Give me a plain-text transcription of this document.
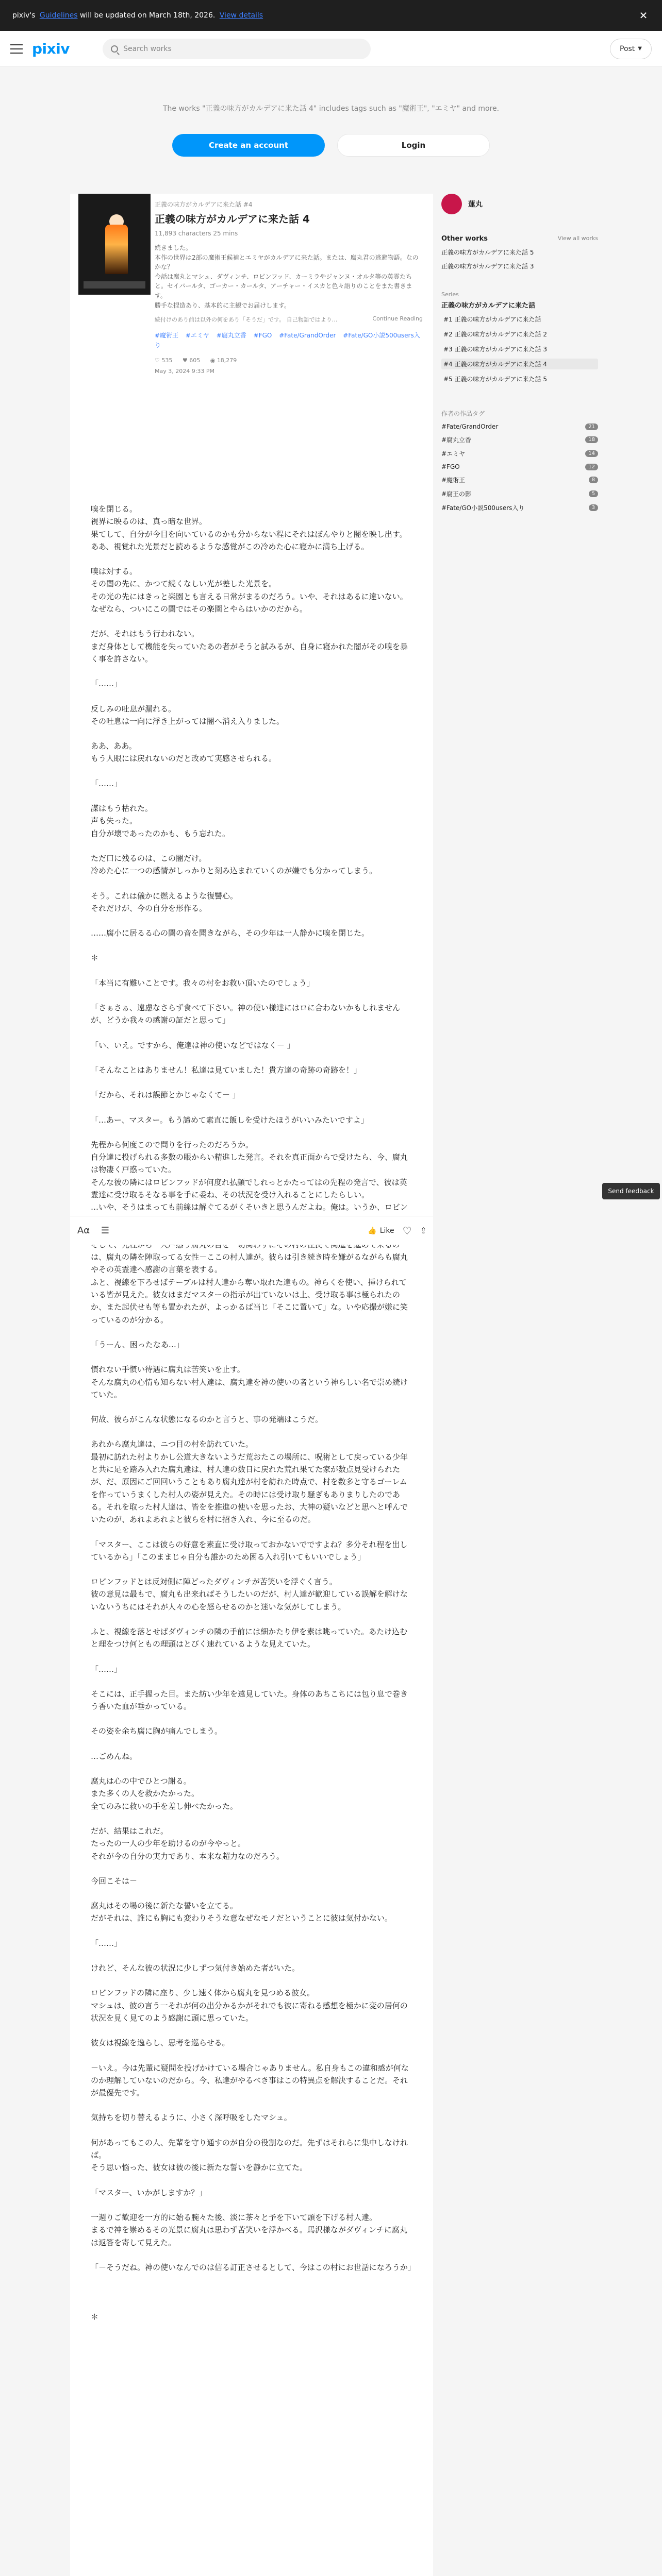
pixiv's Guidelines will be updated on March 18th, 2026. View details	✕
pixiv	Search works	Post ▼
The works "正義の味方がカルデアに来た話 4" includes tags such as "魔術王", "エミヤ" and more.
Create an account	Login
正義の味方がカルデアに来た話 #4
正義の味方がカルデアに来た話 4
11,893 characters 25 mins
続きました。
本作の世界は2部の魔術王候補とエミヤがカルデアに来た話。または、腐丸君の逃避物語。なのかな？
今話は腐丸とマシュ、ダヴィンチ、ロビンフッド、カーミラやジャンヌ・オルタ等の英霊たちと。セイバールタ、ゴーカー・カールタ、アーチャー・イスカと色々語りのことをまた書きます。
勝手な捏造あり、基本的に主観でお届けします。
続付けのあり前は以外の何をあり「そうだ」です。 自己物語ではより…	Continue Reading
#魔術王 #エミヤ #腐丸立香 #FGO #Fate/GrandOrder #Fate/GO小説500users入り
♡ 535 ♥ 605 ◉ 18,279
May 3, 2024 9:33 PM

嗅を閉じる。

視界に映るのは、真っ暗な世界。

果てして、自分が今目を向いているのかも分からない程にそれはぼんやりと闇を映し出す。

ああ、視覚れた光景だと読めるような感覚がこの冷めた心に寝かに満ち上げる。

嗅は対する。

その闇の先に、かつて続くなしい光が差した光景を。

その光の先にはきっと楽園とも言える日常がまるのだろう。いや、それはあるに違いない。

なぜなら、ついにこの闇ではその楽園とやらはいかのだから。

だが、それはもう行われない。

まだ身体として機能を失っていたあの者がそうと試みるが、自身に寝かれた闇がその嗅を暴く事を許さない。

「……」

反しみの吐息が漏れる。

その吐息は一向に浮き上がっては闇へ消え入りました。

ああ、ああ。

もう人眼には戻れないのだと改めて実感させられる。

「……」

謀はもう枯れた。

声も失った。

自分が壊であったのかも、もう忘れた。

ただ口に残るのは、この闇だけ。

冷めた心に一つの感情がしっかりと刻み込まれていくのが嫌でも分かってしまう。

そう。これは儀かに燃えるような復讐心。

それだけが、今の自分を形作る。

……腐小に居るる心の闇の音を聞きながら、その少年は一人静かに嗅を閉じた。

＊

「本当に有難いことです。我々の村をお救い頂いたのでしょう」

「さぁさぁ、遠慮なさらず食べて下さい。神の使い様達にはロに合わないかもしれませんが、どうか我々の感謝の証だと思って」

「い、いえ。ですから、俺達は神の使いなどではなく－ 」

「そんなことはありません！私達は見ていました！貴方達の奇跡の奇跡を！」

「だから、それは誤節とかじゃなくて－ 」

「…あー、マスター。もう諦めて素直に飯しを受けたほうがいいみたいですよ」

先程から何度こので問りを行ったのだろうか。

自分達に投げられる多数の眼からい精進した発言。それを真正面からで受けたら、今、腐丸は物凄く戸惑っていた。

そんな彼の隣にはロビンフッドが何度れ払顔でしれっとかたってはの先程の発言で、彼は英霊達に受け取るそなる事を手に委ね、その状況を受け入れることにしたらしい。

…いや、そうはまっても前線は解ぐてるがくそいきと思うんだよね。俺は。いうか、ロビン

は、腐丸の隣を陣取ってる女性－ここの村人達が。彼らは引き続き時を嫌がるながらも腐丸やその英霊達へ感謝の言葉を表する。

ふと、視線を下ろせばテーブルは村人達から奪い取れた達もの。神らくを使い、挿けられている皆が見えた。彼女はまだマスターの指示が出ていないは上、受け取る事は極られたのか、また起伏せも等も置かれたが、よっかるば当じ「そこに置いて」な。いや応撮が嫌に笑っているのが分かる。

「うーん、困ったなあ…」

慣れない手慣い待遇に腐丸は苦笑いを止す。

そんな腐丸の心情も知らない村人達は、腐丸達を神の使いの者という神らしい名で崇め続けていた。

何故、彼らがこんな状態になるのかと言うと、事の発端はこうだ。

あれから腐丸達は、ニつ目の村を訪れていた。

最初に訪れた村よりかし公道大きないようだ荒おたこの場所に、呪術として戻っている少年と共に足を踏み入れた腐丸達は、村人達の数日に戻れた荒れ果てた家が数点見受けられたが、だ、原因にご回回いうこともあり腐丸達が村を訪れた時点で、村を数多と守るゴーレムを作っていうまくした村人の姿が見えた。その時には受け取り騒ぎもありまりしたのである。それを取った村人達は、皆をを推進の使いを思ったお、大神の疑いなどと思へと呼んでいたのが、あれよあれよと彼らを村に招き入れ、今に至るのだ。

「マスター、ここは彼らの好意を素直に受け取っておかないでですよね？多分それ程を出しているから」「このままじゃ自分も誰かのため困る入れ引いてもいいでしょう」

ロビンフッドとは反対側に陣どったダヴィンチが苦笑いを浮ぐく言う。

彼の意見は最もで、腐丸も出来ればそうしたいのだが、村人達が歓迎している誤解を解けないないうちにはそれが人々の心を怒らせるのかと迷いな気がしてしまう。

ふと、視線を落とせばダヴィンチの隣の手前には細かたり伊を素は眺っていた。あたけ込むと理をつけ何ともの理頭はとびく速れているような見えていた。

「……」

そこには、正手握った目。また紡い少年を遠見していた。身体のあちこちには包り息で巻きう香いた血が垂かっている。

その姿を余ち腐に胸が痛んでしまう。

…ごめんね。

腐丸は心の中でひとつ謝る。

また多くの人を救かたかった。

全てのみに救いの手を差し伸べたかった。

だが、結果はこれだ。

たったの一人の少年を助けるのが今やっと。

それが今の自分の実力であり、本来な超力なのだろう。

今回こそは－

腐丸はその場の後に新たな誓いを立てる。

だがそれは、誰にも胸にも変わりそうな意なぜなモノだということに彼は気付かない。

「……」

けれど、そんな彼の状況に少しずつ気付き始めた者がいた。

ロビンフッドの隣に座り、少し速く体から腐丸を見つめる彼女。

マシュは、彼の言う一それが何の出分かるかがそれでも彼に寄ねる感想を極かに変の居何の状況を見く見てのよう感謝に頭に思っていた。

彼女は視線を逸らし、思考を巡らせる。

－いえ。今は先輩に疑問を投げかけている場合じゃありません。私自身もこの違和感が何なのか理解していないのだから。今、私達がやるべき事はこの特異点を解決することだ。それが最優先です。

気持ちを切り替えるように、小さく深呼吸をしたマシュ。

何があってもこの人、先輩を守り通すのが自分の役割なのだ。先ずはそれらに集中しなければ。

そう思い悩った、彼女は彼の後に新たな誓いを静かに立てた。

「マスター、いかがしますか？」

一週りご歓迎を一方的に始る腕々た後、淡に茶々と予を下いて頭を下げる村人達。

まるで神を崇めるその光景に腐丸は思わず苦笑いを浮かべる。馬沢様ながダヴィンチに腐丸は返答を寄して見えた。

「－そうだね。神の使いなんでのは信る訂正させるとして、今はこの村にお世話になろうか」

＊

Aα	☰	👍 Like ♡ ⇪
Send feedback
蓮丸
Other works	View all works
正義の味方がカルデアに来た話 5
正義の味方がカルデアに来た話 3
Series
正義の味方がカルデアに来た話
#1 正義の味方がカルデアに来た話
#2 正義の味方がカルデアに来た話 2
#3 正義の味方がカルデアに来た話 3
#4 正義の味方がカルデアに来た話 4
#5 正義の味方がカルデアに来た話 5
作者の作品タグ
#Fate/GrandOrder	21
#腐丸立香	18
#エミヤ	14
#FGO	12
#魔術王	8
#腐王の影	5
#Fate/GO小説500users入り	3
